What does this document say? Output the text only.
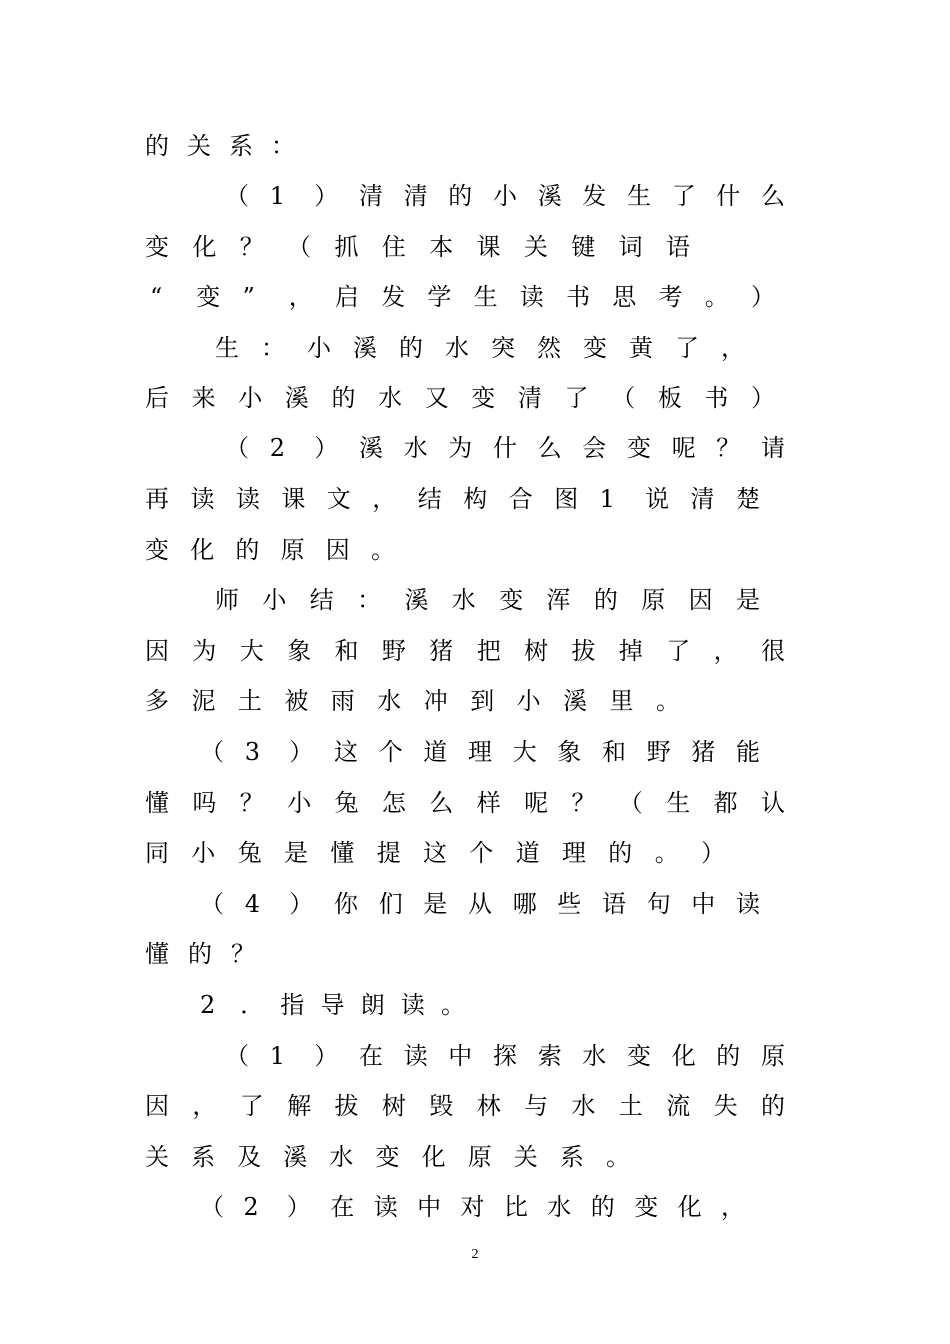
的 关 系 ：
（ 1 ） 清 清 的 小 溪 发 生 了 什 么
变 化 ？ （ 抓 住 本 课 关 键 词 语
“ 变 ” ， 启 发 学 生 读 书 思 考 。 ）
生 ： 小 溪 的 水 突 然 变 黄 了 ，
后 来 小 溪 的 水 又 变 清 了 （ 板 书 ）
（ 2 ） 溪 水 为 什 么 会 变 呢 ？ 请
再 读 读 课 文 ， 结 构 合 图 1 说 清 楚
变 化 的 原 因 。
师 小 结 ： 溪 水 变 浑 的 原 因 是
因 为 大 象 和 野 猪 把 树 拔 掉 了 ， 很
多 泥 土 被 雨 水 冲 到 小 溪 里 。
（ 3 ） 这 个 道 理 大 象 和 野 猪 能
懂 吗 ？ 小 兔 怎 么 样 呢 ？ （ 生 都 认
同 小 兔 是 懂 提 这 个 道 理 的 。 ）
（ 4 ） 你 们 是 从 哪 些 语 句 中 读
懂 的 ？
2 ． 指 导 朗 读 。
（ 1 ） 在 读 中 探 索 水 变 化 的 原
因 ， 了 解 拔 树 毁 林 与 水 土 流 失 的
关 系 及 溪 水 变 化 原 关 系 。
（ 2 ） 在 读 中 对 比 水 的 变 化 ，
2
